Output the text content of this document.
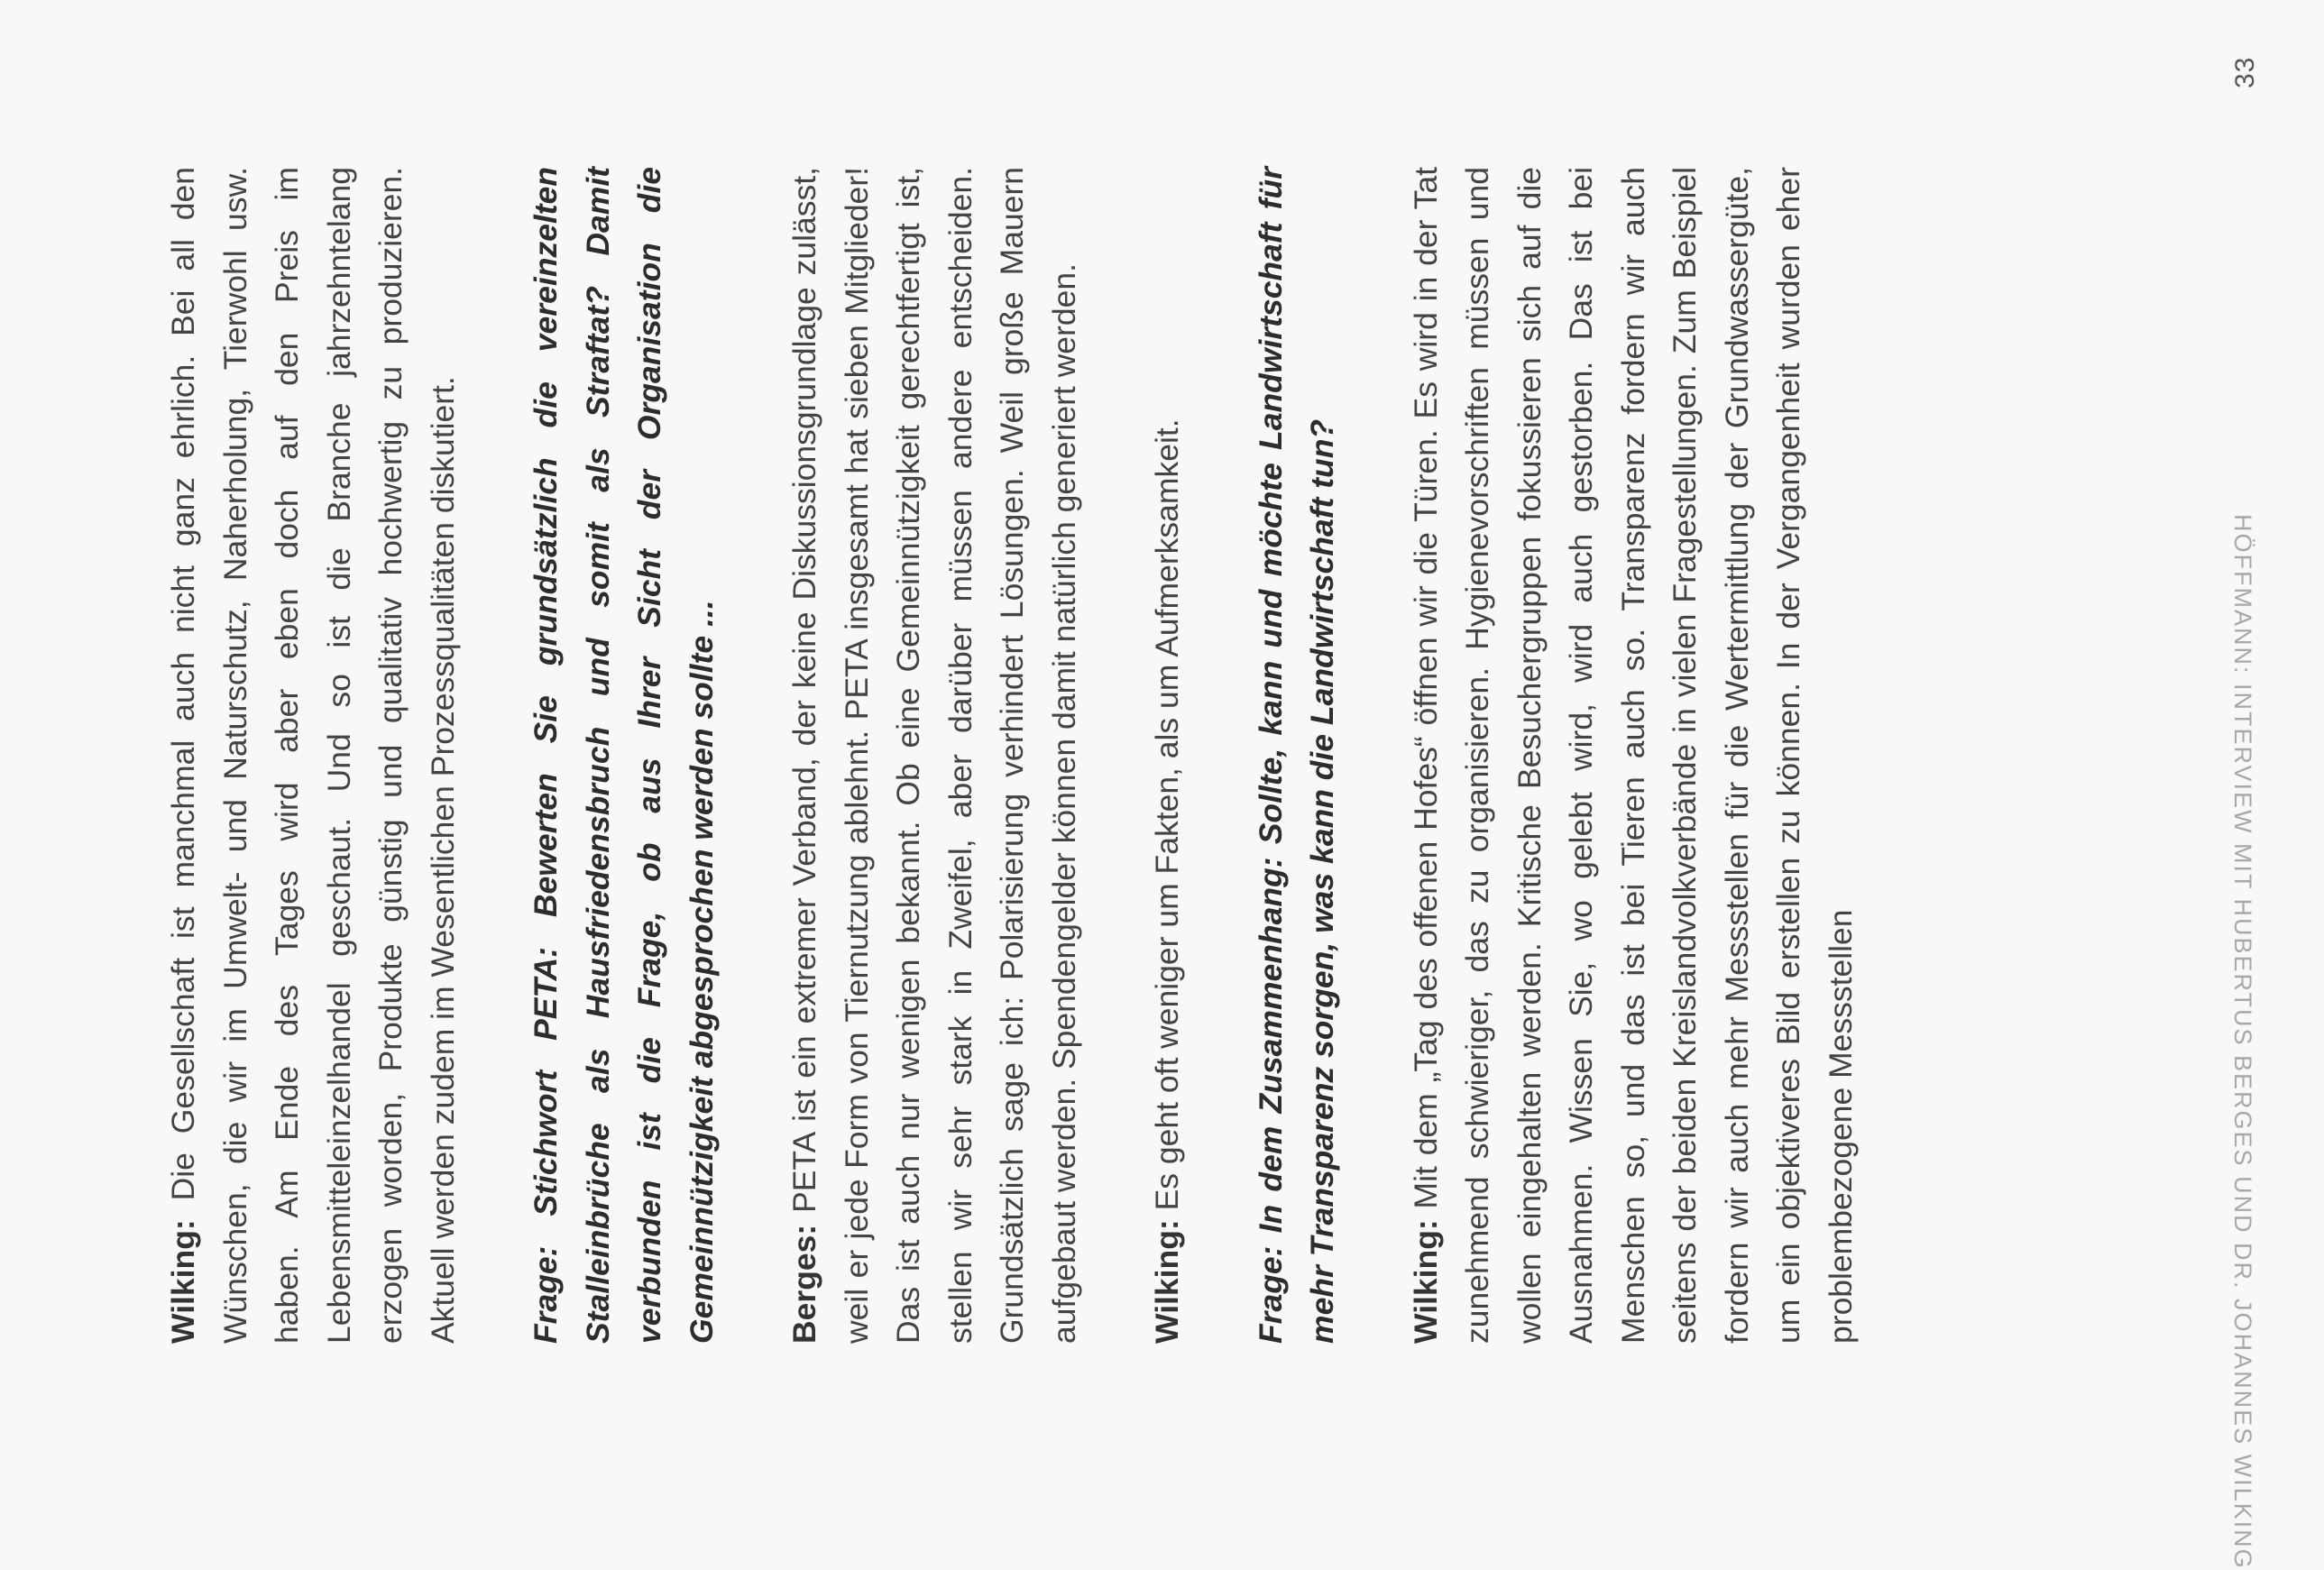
33
HÖFFMANN: INTERVIEW MIT HUBERTUS BERGES UND DR. JOHANNES WILKING

Wilking: Die Gesellschaft ist manchmal auch nicht ganz ehrlich. Bei all den Wünschen, die wir im Umwelt- und Naturschutz, Naherholung, Tierwohl usw. haben. Am Ende des Tages wird aber eben doch auf den Preis im Lebensmitteleinzelhandel geschaut. Und so ist die Branche jahrzehntelang erzogen worden, Produkte günstig und qualitativ hochwertig zu produzieren. Aktuell werden zudem im Wesentlichen Prozessqualitäten diskutiert. Frage: Stichwort PETA: Bewerten Sie grundsätzlich die vereinzelten Stalleinbrüche als Hausfriedensbruch und somit als Straftat? Damit verbunden ist die Frage, ob aus Ihrer Sicht der Organisation die Gemeinnützigkeit abgesprochen werden sollte ... Berges: PETA ist ein extremer Verband, der keine Diskussionsgrundlage zulässt, weil er jede Form von Tiernutzung ablehnt. PETA insgesamt hat sieben Mitglieder! Das ist auch nur wenigen bekannt. Ob eine Gemeinnützigkeit gerechtfertigt ist, stellen wir sehr stark in Zweifel, aber darüber müssen andere entscheiden. Grundsätzlich sage ich: Polarisierung verhindert Lösungen. Weil große Mauern aufgebaut werden. Spendengelder können damit natürlich generiert werden. Wilking: Es geht oft weniger um Fakten, als um Aufmerksamkeit. Frage: In dem Zusammenhang: Sollte, kann und möchte Landwirtschaft für mehr Transparenz sorgen, was kann die Landwirtschaft tun? Wilking: Mit dem „Tag des offenen Hofes“ öffnen wir die Türen. Es wird in der Tat zunehmend schwieriger, das zu organisieren. Hygienevorschriften müssen und wollen eingehalten werden. Kritische Besuchergruppen fokussieren sich auf die Ausnahmen. Wissen Sie, wo gelebt wird, wird auch gestorben. Das ist bei Menschen so, und das ist bei Tieren auch so. Transparenz fordern wir auch seitens der beiden Kreislandvolkverbände in vielen Fragestellungen. Zum Beispiel fordern wir auch mehr Messstellen für die Wertermittlung der Grundwassergüte, um ein objektiveres Bild erstellen zu können. In der Vergangenheit wurden eher problembezogene Messstellen
